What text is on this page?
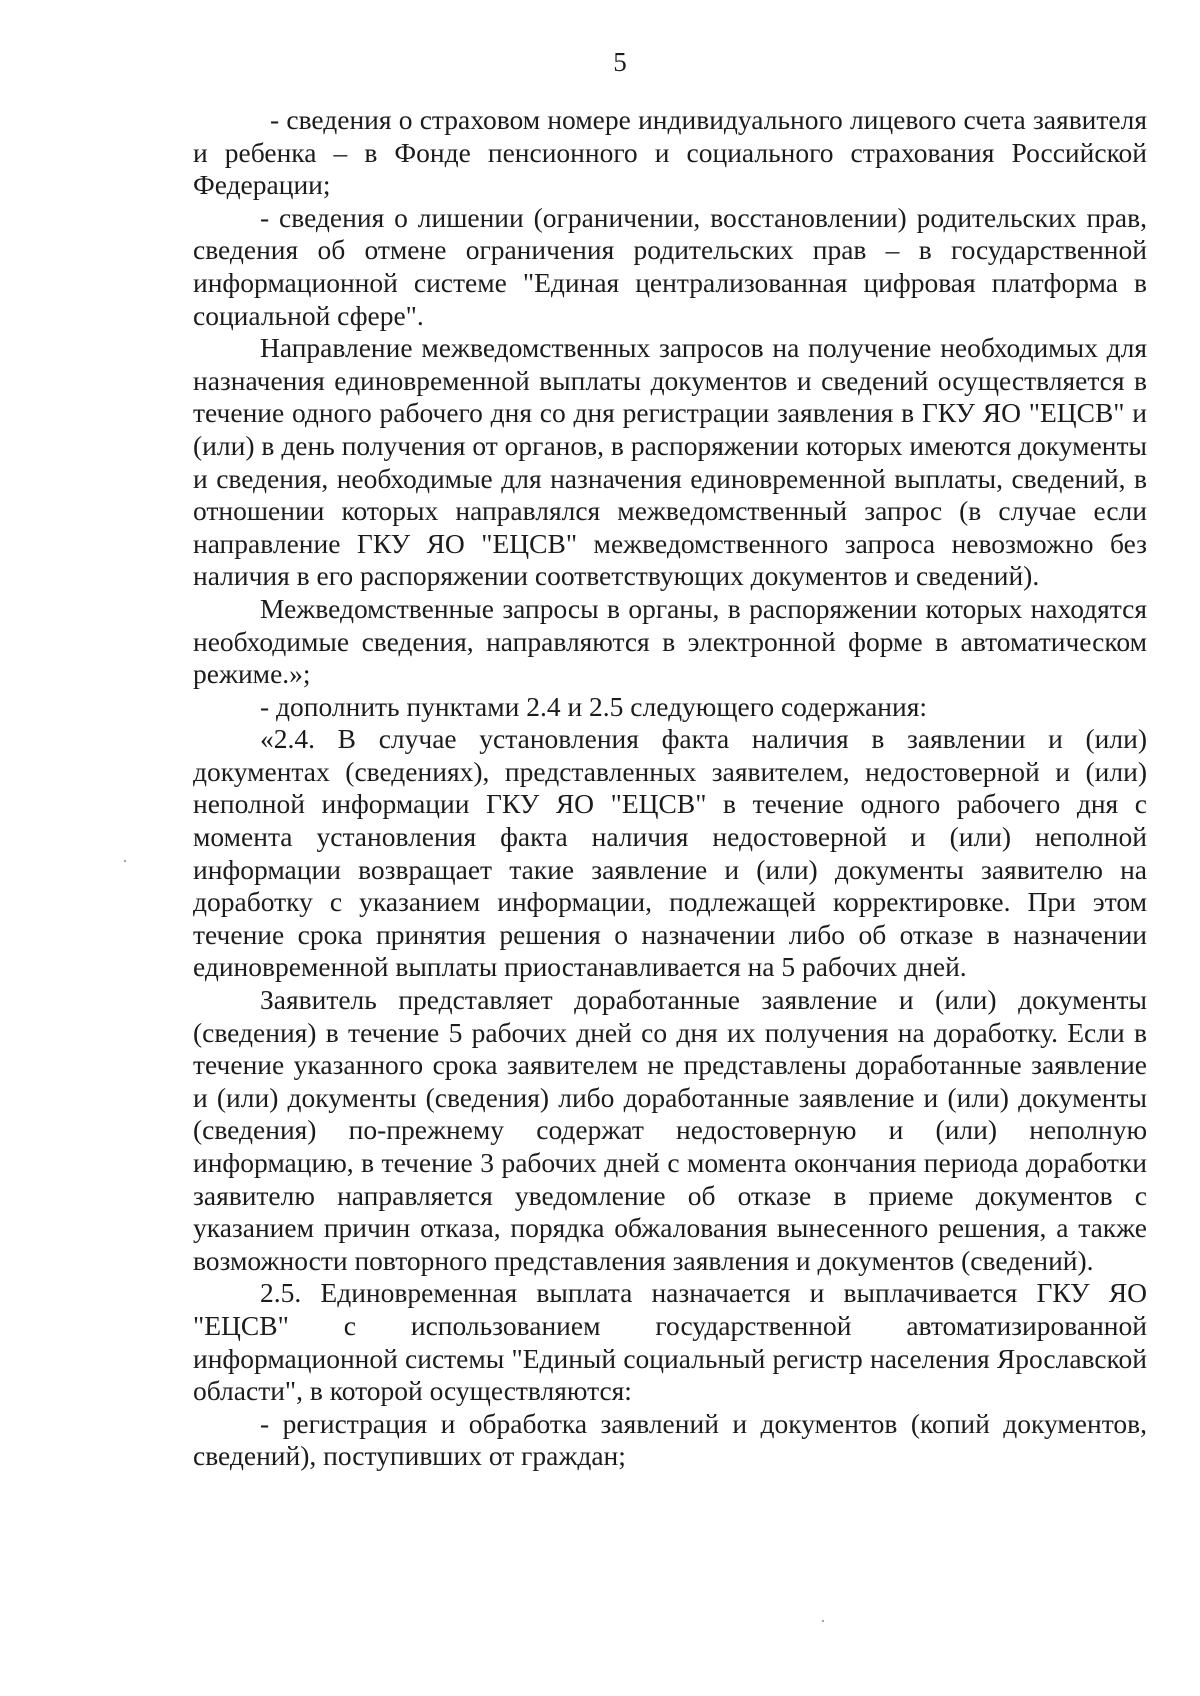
5

- сведения о страховом номере индивидуального лицевого счета заявителя и ребенка – в Фонде пенсионного и социального страхования Российской Федерации;

- сведения о лишении (ограничении, восстановлении) родительских прав, сведения об отмене ограничения родительских прав – в государственной информационной системе "Единая централизованная цифровая платформа в социальной сфере".

Направление межведомственных запросов на получение необходимых для назначения единовременной выплаты документов и сведений осуществляется в течение одного рабочего дня со дня регистрации заявления в ГКУ ЯО "ЕЦСВ" и (или) в день получения от органов, в распоряжении которых имеются документы и сведения, необходимые для назначения единовременной выплаты, сведений, в отношении которых направлялся межведомственный запрос (в случае если направление ГКУ ЯО "ЕЦСВ" межведомственного запроса невозможно без наличия в его распоряжении соответствующих документов и сведений).

Межведомственные запросы в органы, в распоряжении которых находятся необходимые сведения, направляются в электронной форме в автоматическом режиме.»;

- дополнить пунктами 2.4 и 2.5 следующего содержания:

«2.4. В случае установления факта наличия в заявлении и (или) документах (сведениях), представленных заявителем, недостоверной и (или) неполной информации ГКУ ЯО "ЕЦСВ" в течение одного рабочего дня с момента установления факта наличия недостоверной и (или) неполной информации возвращает такие заявление и (или) документы заявителю на доработку с указанием информации, подлежащей корректировке. При этом течение срока принятия решения о назначении либо об отказе в назначении единовременной выплаты приостанавливается на 5 рабочих дней.

Заявитель представляет доработанные заявление и (или) документы (сведения) в течение 5 рабочих дней со дня их получения на доработку. Если в течение указанного срока заявителем не представлены доработанные заявление и (или) документы (сведения) либо доработанные заявление и (или) документы (сведения) по-прежнему содержат недостоверную и (или) неполную информацию, в течение 3 рабочих дней с момента окончания периода доработки заявителю направляется уведомление об отказе в приеме документов с указанием причин отказа, порядка обжалования вынесенного решения, а также возможности повторного представления заявления и документов (сведений).

2.5. Единовременная выплата назначается и выплачивается ГКУ ЯО "ЕЦСВ" с использованием государственной автоматизированной информационной системы "Единый социальный регистр населения Ярославской области", в которой осуществляются:

- регистрация и обработка заявлений и документов (копий документов, сведений), поступивших от граждан;
